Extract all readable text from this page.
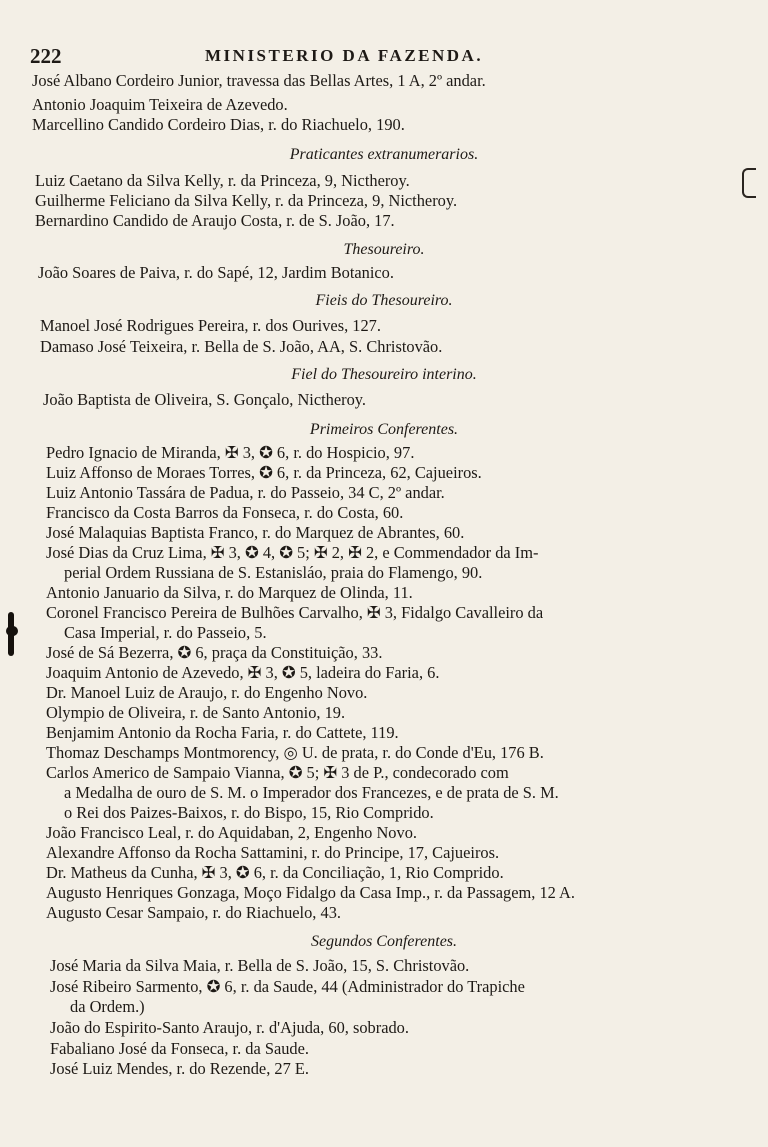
222	MINISTERIO DA FAZENDA.
José Albano Cordeiro Junior, travessa das Bellas Artes, 1 A, 2º andar.
Antonio Joaquim Teixeira de Azevedo.
Marcellino Candido Cordeiro Dias, r. do Riachuelo, 190.
Praticantes extranumerarios.
Luiz Caetano da Silva Kelly, r. da Princeza, 9, Nictheroy.
Guilherme Feliciano da Silva Kelly, r. da Princeza, 9, Nictheroy.
Bernardino Candido de Araujo Costa, r. de S. João, 17.
Thesoureiro.
João Soares de Paiva, r. do Sapé, 12, Jardim Botanico.
Fieis do Thesoureiro.
Manoel José Rodrigues Pereira, r. dos Ourives, 127.
Damaso José Teixeira, r. Bella de S. João, AA, S. Christovão.
Fiel do Thesoureiro interino.
João Baptista de Oliveira, S. Gonçalo, Nictheroy.
Primeiros Conferentes.
Pedro Ignacio de Miranda, ✠ 3, ✪ 6, r. do Hospicio, 97.
Luiz Affonso de Moraes Torres, ✪ 6, r. da Princeza, 62, Cajueiros.
Luiz Antonio Tassára de Padua, r. do Passeio, 34 C, 2º andar.
Francisco da Costa Barros da Fonseca, r. do Costa, 60.
José Malaquias Baptista Franco, r. do Marquez de Abrantes, 60.
José Dias da Cruz Lima, ✠ 3, ✪ 4, ✪ 5; ✠ 2, ✠ 2, e Commendador da Im-
perial Ordem Russiana de S. Estanisláo, praia do Flamengo, 90.
Antonio Januario da Silva, r. do Marquez de Olinda, 11.
Coronel Francisco Pereira de Bulhões Carvalho, ✠ 3, Fidalgo Cavalleiro da
Casa Imperial, r. do Passeio, 5.
José de Sá Bezerra, ✪ 6, praça da Constituição, 33.
Joaquim Antonio de Azevedo, ✠ 3, ✪ 5, ladeira do Faria, 6.
Dr. Manoel Luiz de Araujo, r. do Engenho Novo.
Olympio de Oliveira, r. de Santo Antonio, 19.
Benjamim Antonio da Rocha Faria, r. do Cattete, 119.
Thomaz Deschamps Montmorency, ◎ U. de prata, r. do Conde d'Eu, 176 B.
Carlos Americo de Sampaio Vianna, ✪ 5; ✠ 3 de P., condecorado com
a Medalha de ouro de S. M. o Imperador dos Francezes, e de prata de S. M.
o Rei dos Paizes-Baixos, r. do Bispo, 15, Rio Comprido.
João Francisco Leal, r. do Aquidaban, 2, Engenho Novo.
Alexandre Affonso da Rocha Sattamini, r. do Principe, 17, Cajueiros.
Dr. Matheus da Cunha, ✠ 3, ✪ 6, r. da Conciliação, 1, Rio Comprido.
Augusto Henriques Gonzaga, Moço Fidalgo da Casa Imp., r. da Passagem, 12 A.
Augusto Cesar Sampaio, r. do Riachuelo, 43.
Segundos Conferentes.
José Maria da Silva Maia, r. Bella de S. João, 15, S. Christovão.
José Ribeiro Sarmento, ✪ 6, r. da Saude, 44 (Administrador do Trapiche
da Ordem.)
João do Espirito-Santo Araujo, r. d'Ajuda, 60, sobrado.
Fabaliano José da Fonseca, r. da Saude.
José Luiz Mendes, r. do Rezende, 27 E.
